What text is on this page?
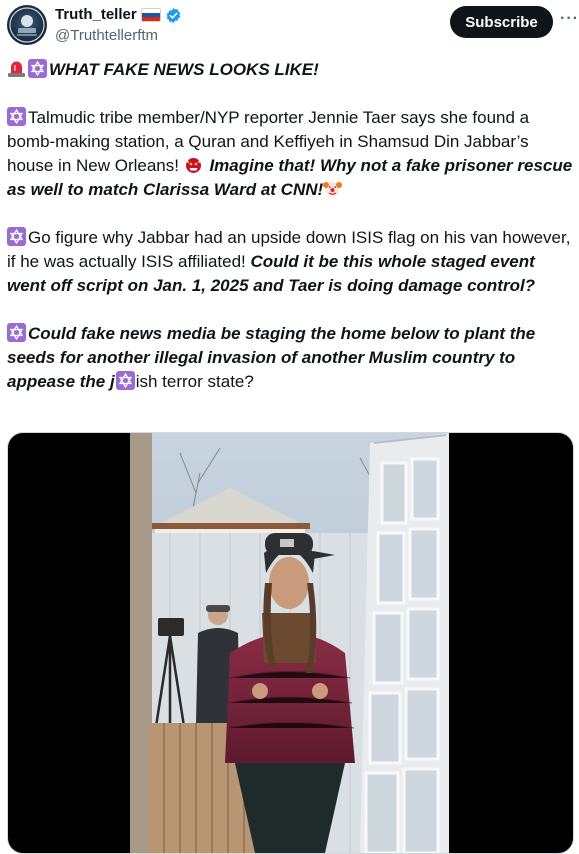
Truth_teller
@Truthtellerftm
Subscribe	···

WHAT FAKE NEWS LOOKS LIKE!

Talmudic tribe member/NYP reporter Jennie Taer says she found a bomb-making station, a Quran and Keffiyeh in Shamsud Din Jabbar’s house in New Orleans!
Imagine that! Why not a fake prisoner rescue as well to match Clarissa Ward at CNN!

Go figure why Jabbar had an upside down ISIS flag on his van however, if he was actually ISIS affiliated! Could it be this whole staged event went off script on Jan. 1, 2025 and Taer is doing damage control?

Could fake news media be staging the home below to plant the seeds for another illegal invasion of another Muslim country to appease the j ish terror state?
